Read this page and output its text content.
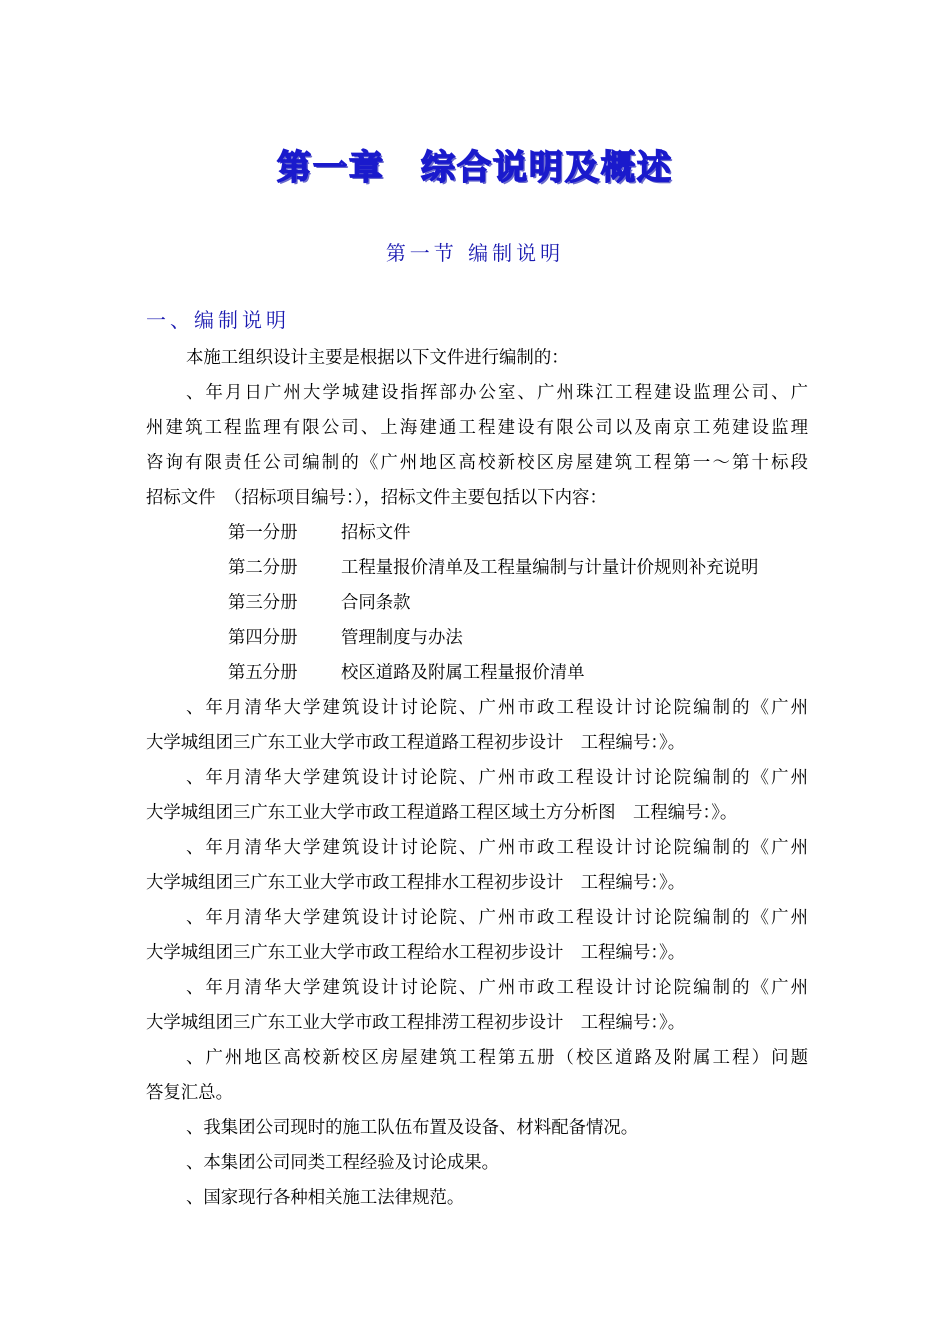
第一章　综合说明及概述
第一节 编制说明
一、编制说明
本施工组织设计主要是根据以下文件进行编制的：
、年月日广州大学城建设指挥部办公室、广州珠江工程建设监理公司、广
州建筑工程监理有限公司、上海建通工程建设有限公司以及南京工苑建设监理
咨询有限责任公司编制的《广州地区高校新校区房屋建筑工程第一～第十标段
招标文件　（招标项目编号：），招标文件主要包括以下内容：
第一分册	招标文件
第二分册	工程量报价清单及工程量编制与计量计价规则补充说明
第三分册	合同条款
第四分册	管理制度与办法
第五分册	校区道路及附属工程量报价清单
、年月清华大学建筑设计讨论院、广州市政工程设计讨论院编制的《广州
大学城组团三广东工业大学市政工程道路工程初步设计　工程编号：》。
、年月清华大学建筑设计讨论院、广州市政工程设计讨论院编制的《广州
大学城组团三广东工业大学市政工程道路工程区域土方分析图　工程编号：》。
、年月清华大学建筑设计讨论院、广州市政工程设计讨论院编制的《广州
大学城组团三广东工业大学市政工程排水工程初步设计　工程编号：》。
、年月清华大学建筑设计讨论院、广州市政工程设计讨论院编制的《广州
大学城组团三广东工业大学市政工程给水工程初步设计　工程编号：》。
、年月清华大学建筑设计讨论院、广州市政工程设计讨论院编制的《广州
大学城组团三广东工业大学市政工程排涝工程初步设计　工程编号：》。
、广州地区高校新校区房屋建筑工程第五册（校区道路及附属工程）问题
答复汇总。
、我集团公司现时的施工队伍布置及设备、材料配备情况。
、本集团公司同类工程经验及讨论成果。
、国家现行各种相关施工法律规范。
